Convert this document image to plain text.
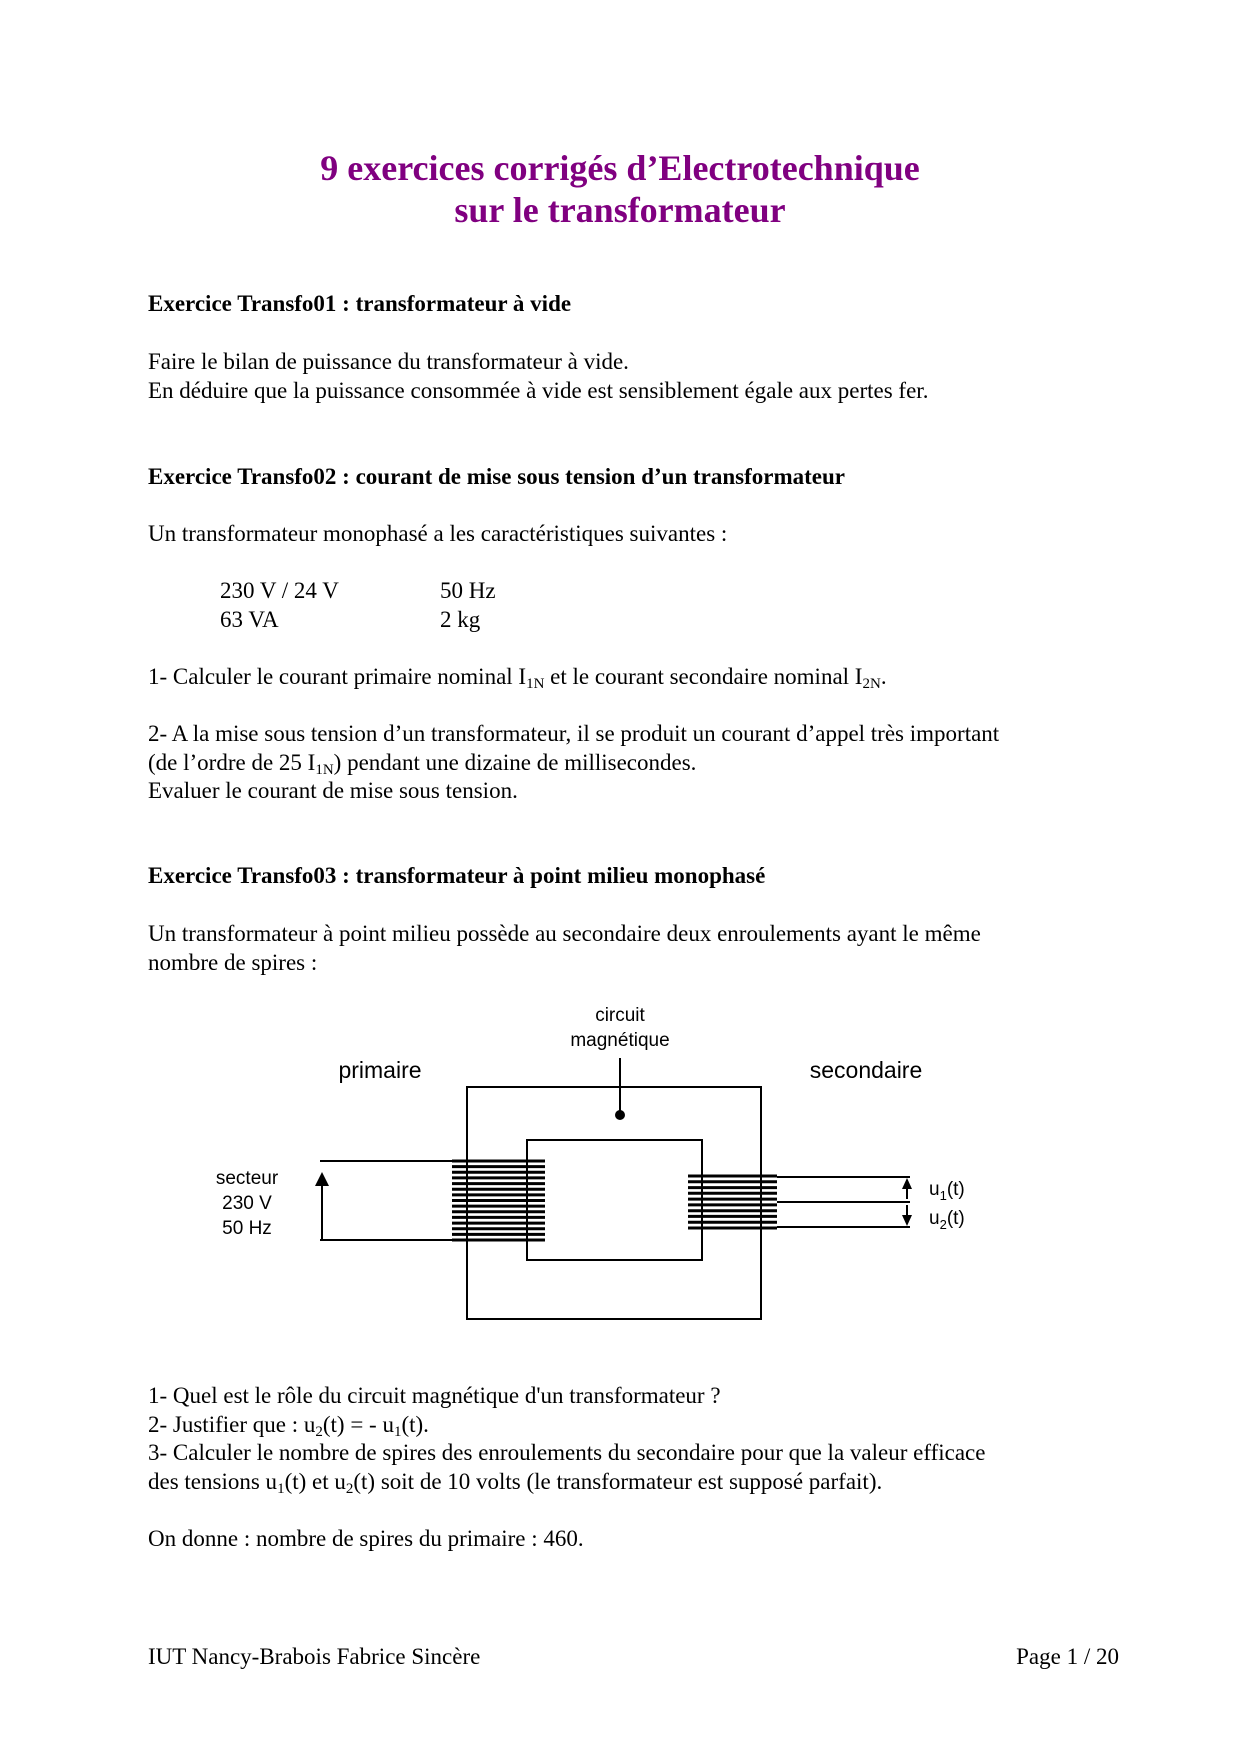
9 exercices corrigés d’Electrotechnique
sur le transformateur
Exercice Transfo01 : transformateur à vide
Faire le bilan de puissance du transformateur à vide.
En déduire que la puissance consommée à vide est sensiblement égale aux pertes fer.
Exercice Transfo02 : courant de mise sous tension d’un transformateur
Un transformateur monophasé a les caractéristiques suivantes :
230 V / 24 V	50 Hz
63 VA	2 kg
1- Calculer le courant primaire nominal $I_{1N}$ et le courant secondaire nominal $I_{2N}$.
2- A la mise sous tension d’un transformateur, il se produit un courant d’appel très important
(de l’ordre de 25 $I_{1N}$) pendant une dizaine de millisecondes.
Evaluer le courant de mise sous tension.
Exercice Transfo03 : transformateur à point milieu monophasé
Un transformateur à point milieu possède au secondaire deux enroulements ayant le même
nombre de spires :
circuit
magnétique
primaire	secondaire
secteur
230 V
50 Hz
$u_1(t)$
$u_2(t)$
1- Quel est le rôle du circuit magnétique d'un transformateur ?
2- Justifier que : $u_2(t)$ = - $u_1(t)$.
3- Calculer le nombre de spires des enroulements du secondaire pour que la valeur efficace
des tensions $u_1(t)$ et $u_2(t)$ soit de 10 volts (le transformateur est supposé parfait).
On donne : nombre de spires du primaire : 460.
IUT Nancy-Brabois Fabrice Sincère	Page 1 / 20
